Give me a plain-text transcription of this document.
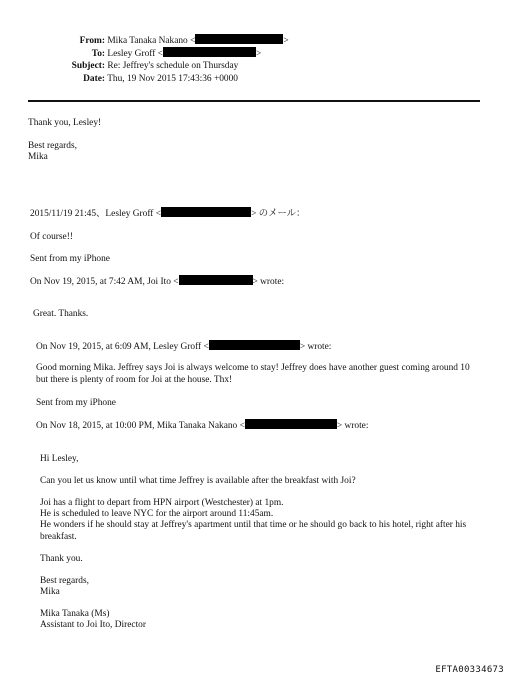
From: Mika Tanaka Nakano <	>
To: Lesley Groff <	>
Subject: Re: Jeffrey's schedule on Thursday
Date: Thu, 19 Nov 2015 17:43:36 +0000
Thank you, Lesley!
Best regards,
Mika
2015/11/19 21:45、Lesley Groff <	> のメール：
Of course!!
Sent from my iPhone
On Nov 19, 2015, at 7:42 AM, Joi Ito <	> wrote:
Great. Thanks.
On Nov 19, 2015, at 6:09 AM, Lesley Groff <	> wrote:
Good morning Mika. Jeffrey says Joi is always welcome to stay! Jeffrey does have another guest coming around 10 but there is plenty of room for Joi at the house. Thx!
Sent from my iPhone
On Nov 18, 2015, at 10:00 PM, Mika Tanaka Nakano <	> wrote:
Hi Lesley,
Can you let us know until what time Jeffrey is available after the breakfast with Joi?
Joi has a flight to depart from HPN airport (Westchester) at 1pm.
He is scheduled to leave NYC for the airport around 11:45am.
He wonders if he should stay at Jeffrey's apartment until that time or he should go back to his hotel, right after his breakfast.
Thank you.
Best regards,
Mika
Mika Tanaka (Ms)
Assistant to Joi Ito, Director
EFTA00334673
